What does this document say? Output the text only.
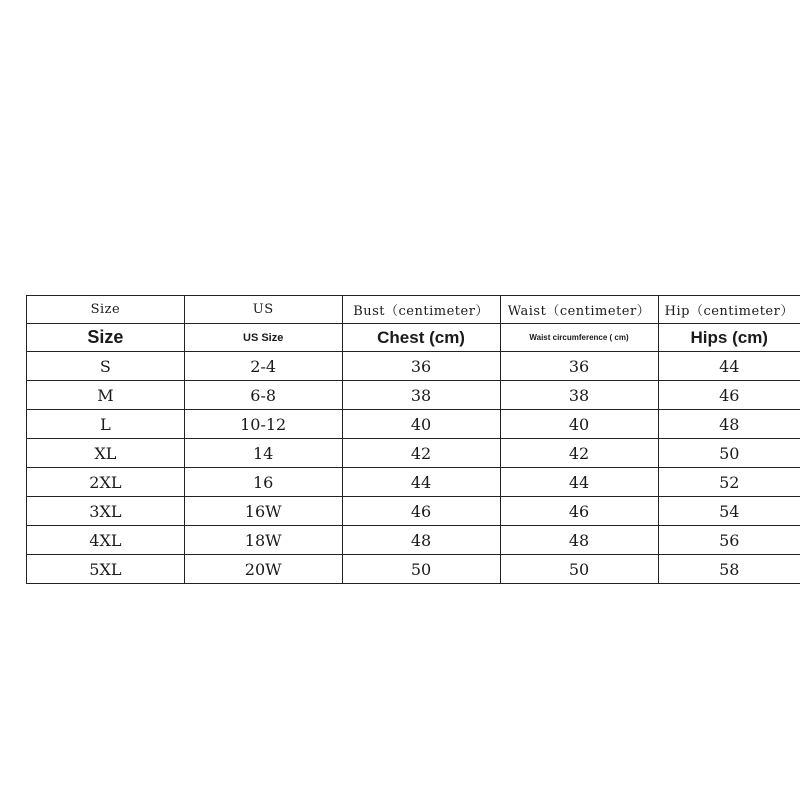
Size	US	Bust（centimeter）	Waist（centimeter）	Hip（centimeter）
Size	US Size	Chest (cm)	Waist circumference ( cm)	Hips (cm)
S	2-4	36	36	44
M	6-8	38	38	46
L	10-12	40	40	48
XL	14	42	42	50
2XL	16	44	44	52
3XL	16W	46	46	54
4XL	18W	48	48	56
5XL	20W	50	50	58
